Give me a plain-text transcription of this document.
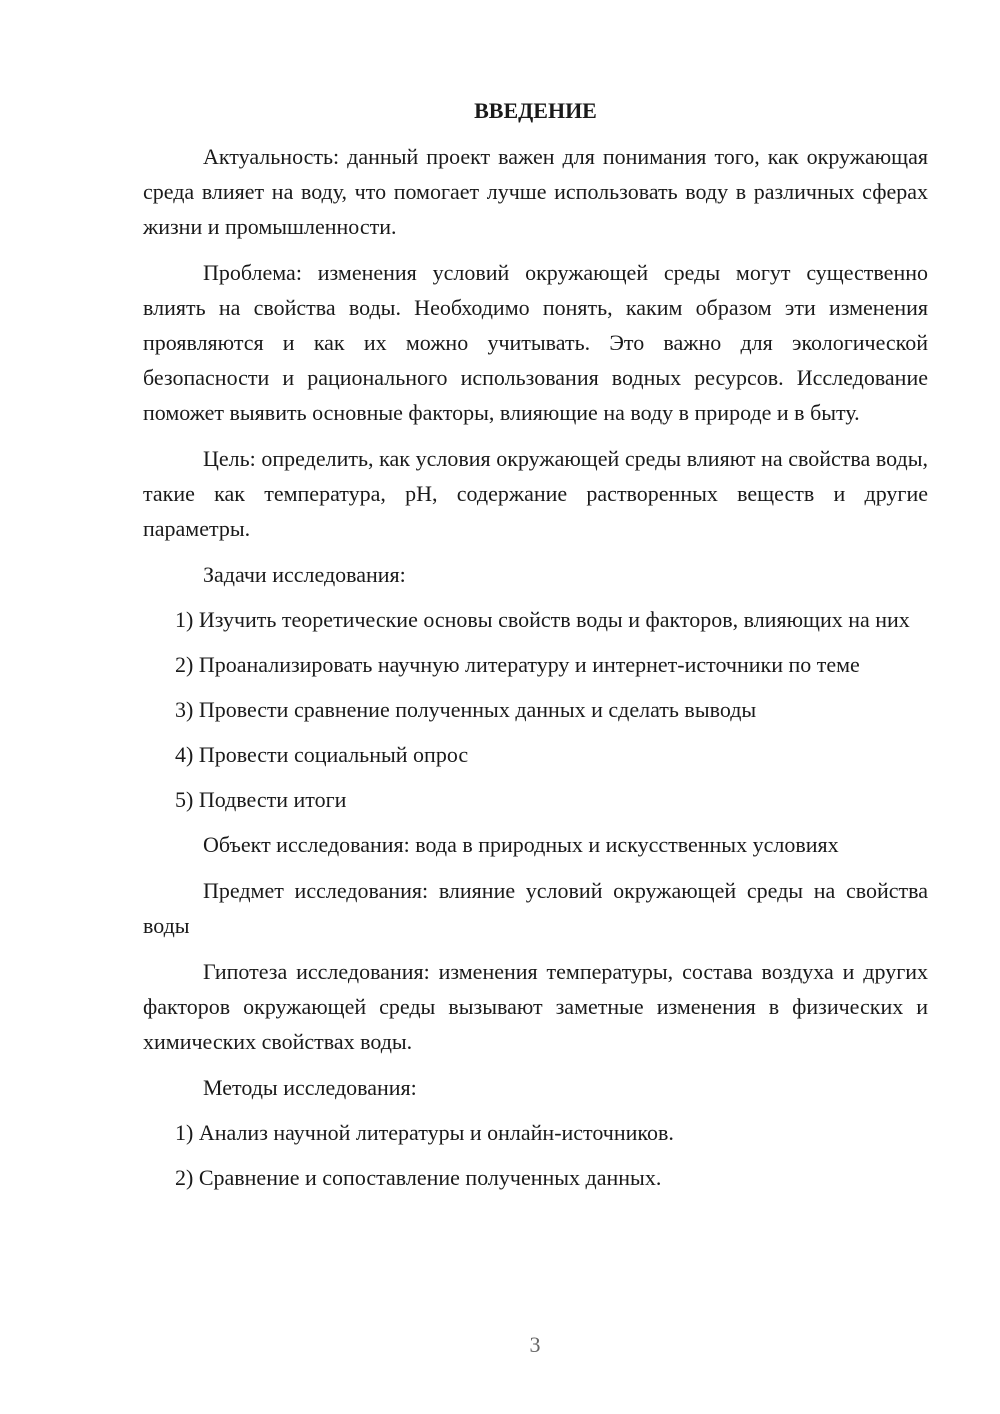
ВВЕДЕНИЕ

Актуальность: данный проект важен для понимания того, как окружающая среда влияет на воду, что помогает лучше использовать воду в различных сферах жизни и промышленности.

Проблема: изменения условий окружающей среды могут существенно влиять на свойства воды. Необходимо понять, каким образом эти изменения проявляются и как их можно учитывать. Это важно для экологической безопасности и рационального использования водных ресурсов. Исследование поможет выявить основные факторы, влияющие на воду в природе и в быту.

Цель: определить, как условия окружающей среды влияют на свойства воды, такие как температура, pH, содержание растворенных веществ и другие параметры.

Задачи исследования:

1) Изучить теоретические основы свойств воды и факторов, влияющих на них

2) Проанализировать научную литературу и интернет-источники по теме

3) Провести сравнение полученных данных и сделать выводы

4) Провести социальный опрос

5) Подвести итоги

Объект исследования: вода в природных и искусственных условиях

Предмет исследования: влияние условий окружающей среды на свойства воды

Гипотеза исследования: изменения температуры, состава воздуха и других факторов окружающей среды вызывают заметные изменения в физических и химических свойствах воды.

Методы исследования:

1) Анализ научной литературы и онлайн-источников.

2) Сравнение и сопоставление полученных данных.

3
